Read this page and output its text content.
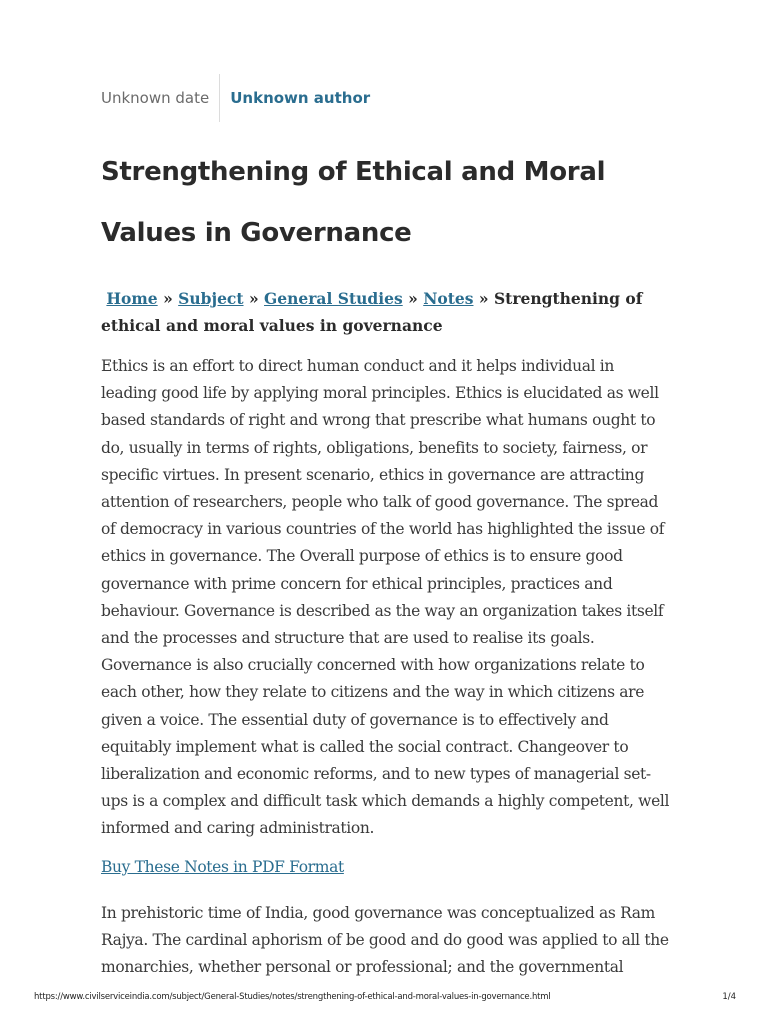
Unknown date	Unknown author
Strengthening of Ethical and Moral Values in Governance

Home » Subject » General Studies » Notes » Strengthening of ethical and moral values in governance

Ethics is an effort to direct human conduct and it helps individual in leading good life by applying moral principles. Ethics is elucidated as well based standards of right and wrong that prescribe what humans ought to do, usually in terms of rights, obligations, benefits to society, fairness, or specific virtues. In present scenario, ethics in governance are attracting attention of researchers, people who talk of good governance. The spread of democracy in various countries of the world has highlighted the issue of ethics in governance. The Overall purpose of ethics is to ensure good governance with prime concern for ethical principles, practices and behaviour. Governance is described as the way an organization takes itself and the processes and structure that are used to realise its goals. Governance is also crucially concerned with how organizations relate to each other, how they relate to citizens and the way in which citizens are given a voice. The essential duty of governance is to effectively and equitably implement what is called the social contract. Changeover to liberalization and economic reforms, and to new types of managerial set-ups is a complex and difficult task which demands a highly competent, well informed and caring administration.

Buy These Notes in PDF Format

In prehistoric time of India, good governance was conceptualized as Ram Rajya. The cardinal aphorism of be good and do good was applied to all the monarchies, whether personal or professional; and the governmental

https://www.civilserviceindia.com/subject/General-Studies/notes/strengthening-of-ethical-and-moral-values-in-governance.html	1/4
